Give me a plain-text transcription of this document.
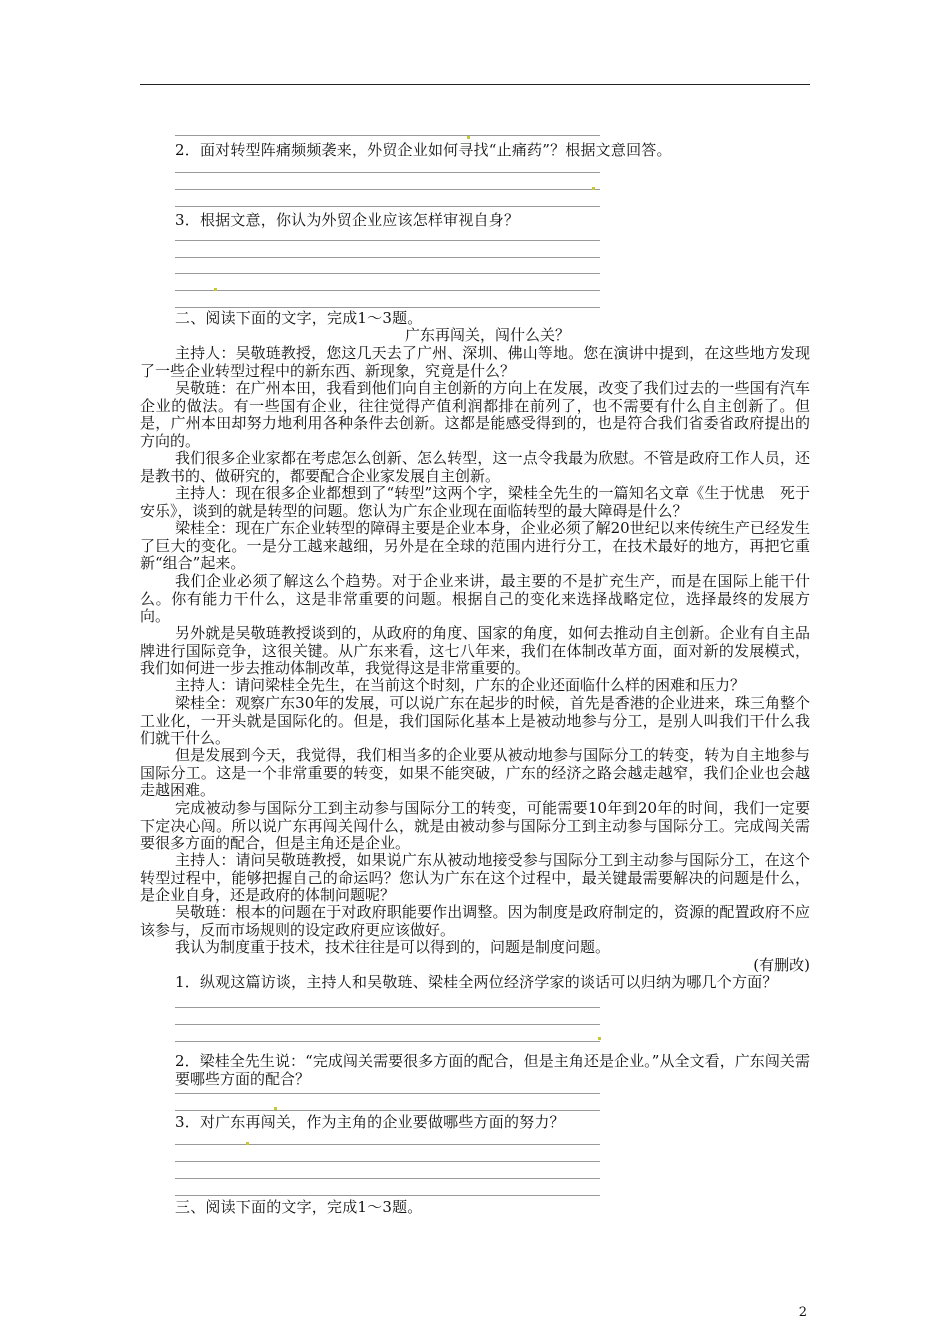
2．面对转型阵痛频频袭来，外贸企业如何寻找“止痛药”？根据文意回答。
3．根据文意，你认为外贸企业应该怎样审视自身？
二、阅读下面的文字，完成1～3题。
广东再闯关，闯什么关？
主持人：吴敬琏教授，您这几天去了广州、深圳、佛山等地。您在演讲中提到，在这些地方发现了一些企业转型过程中的新东西、新现象，究竟是什么？
吴敬琏：在广州本田，我看到他们向自主创新的方向上在发展，改变了我们过去的一些国有汽车企业的做法。有一些国有企业，往往觉得产值利润都排在前列了，也不需要有什么自主创新了。但是，广州本田却努力地利用各种条件去创新。这都是能感受得到的，也是符合我们省委省政府提出的方向的。
我们很多企业家都在考虑怎么创新、怎么转型，这一点令我最为欣慰。不管是政府工作人员，还是教书的、做研究的，都要配合企业家发展自主创新。
主持人：现在很多企业都想到了“转型”这两个字，梁桂全先生的一篇知名文章《生于忧患　死于安乐》，谈到的就是转型的问题。您认为广东企业现在面临转型的最大障碍是什么？
梁桂全：现在广东企业转型的障碍主要是企业本身，企业必须了解20世纪以来传统生产已经发生了巨大的变化。一是分工越来越细，另外是在全球的范围内进行分工，在技术最好的地方，再把它重新“组合”起来。
我们企业必须了解这么个趋势。对于企业来讲，最主要的不是扩充生产，而是在国际上能干什么。你有能力干什么，这是非常重要的问题。根据自己的变化来选择战略定位，选择最终的发展方向。
另外就是吴敬琏教授谈到的，从政府的角度、国家的角度，如何去推动自主创新。企业有自主品牌进行国际竞争，这很关键。从广东来看，这七八年来，我们在体制改革方面，面对新的发展模式，我们如何进一步去推动体制改革，我觉得这是非常重要的。
主持人：请问梁桂全先生，在当前这个时刻，广东的企业还面临什么样的困难和压力？
梁桂全：观察广东30年的发展，可以说广东在起步的时候，首先是香港的企业进来，珠三角整个工业化，一开头就是国际化的。但是，我们国际化基本上是被动地参与分工，是别人叫我们干什么我们就干什么。
但是发展到今天，我觉得，我们相当多的企业要从被动地参与国际分工的转变，转为自主地参与国际分工。这是一个非常重要的转变，如果不能突破，广东的经济之路会越走越窄，我们企业也会越走越困难。
完成被动参与国际分工到主动参与国际分工的转变，可能需要10年到20年的时间，我们一定要下定决心闯。所以说广东再闯关闯什么，就是由被动参与国际分工到主动参与国际分工。完成闯关需要很多方面的配合，但是主角还是企业。
主持人：请问吴敬琏教授，如果说广东从被动地接受参与国际分工到主动参与国际分工，在这个转型过程中，能够把握自己的命运吗？您认为广东在这个过程中，最关键最需要解决的问题是什么，是企业自身，还是政府的体制问题呢？
吴敬琏：根本的问题在于对政府职能要作出调整。因为制度是政府制定的，资源的配置政府不应该参与，反而市场规则的设定政府更应该做好。
我认为制度重于技术，技术往往是可以得到的，问题是制度问题。
(有删改)
1．纵观这篇访谈，主持人和吴敬琏、梁桂全两位经济学家的谈话可以归纳为哪几个方面？
2．梁桂全先生说：“完成闯关需要很多方面的配合，但是主角还是企业。”从全文看，广东闯关需要哪些方面的配合？
3．对广东再闯关，作为主角的企业要做哪些方面的努力？
三、阅读下面的文字，完成1～3题。
2
